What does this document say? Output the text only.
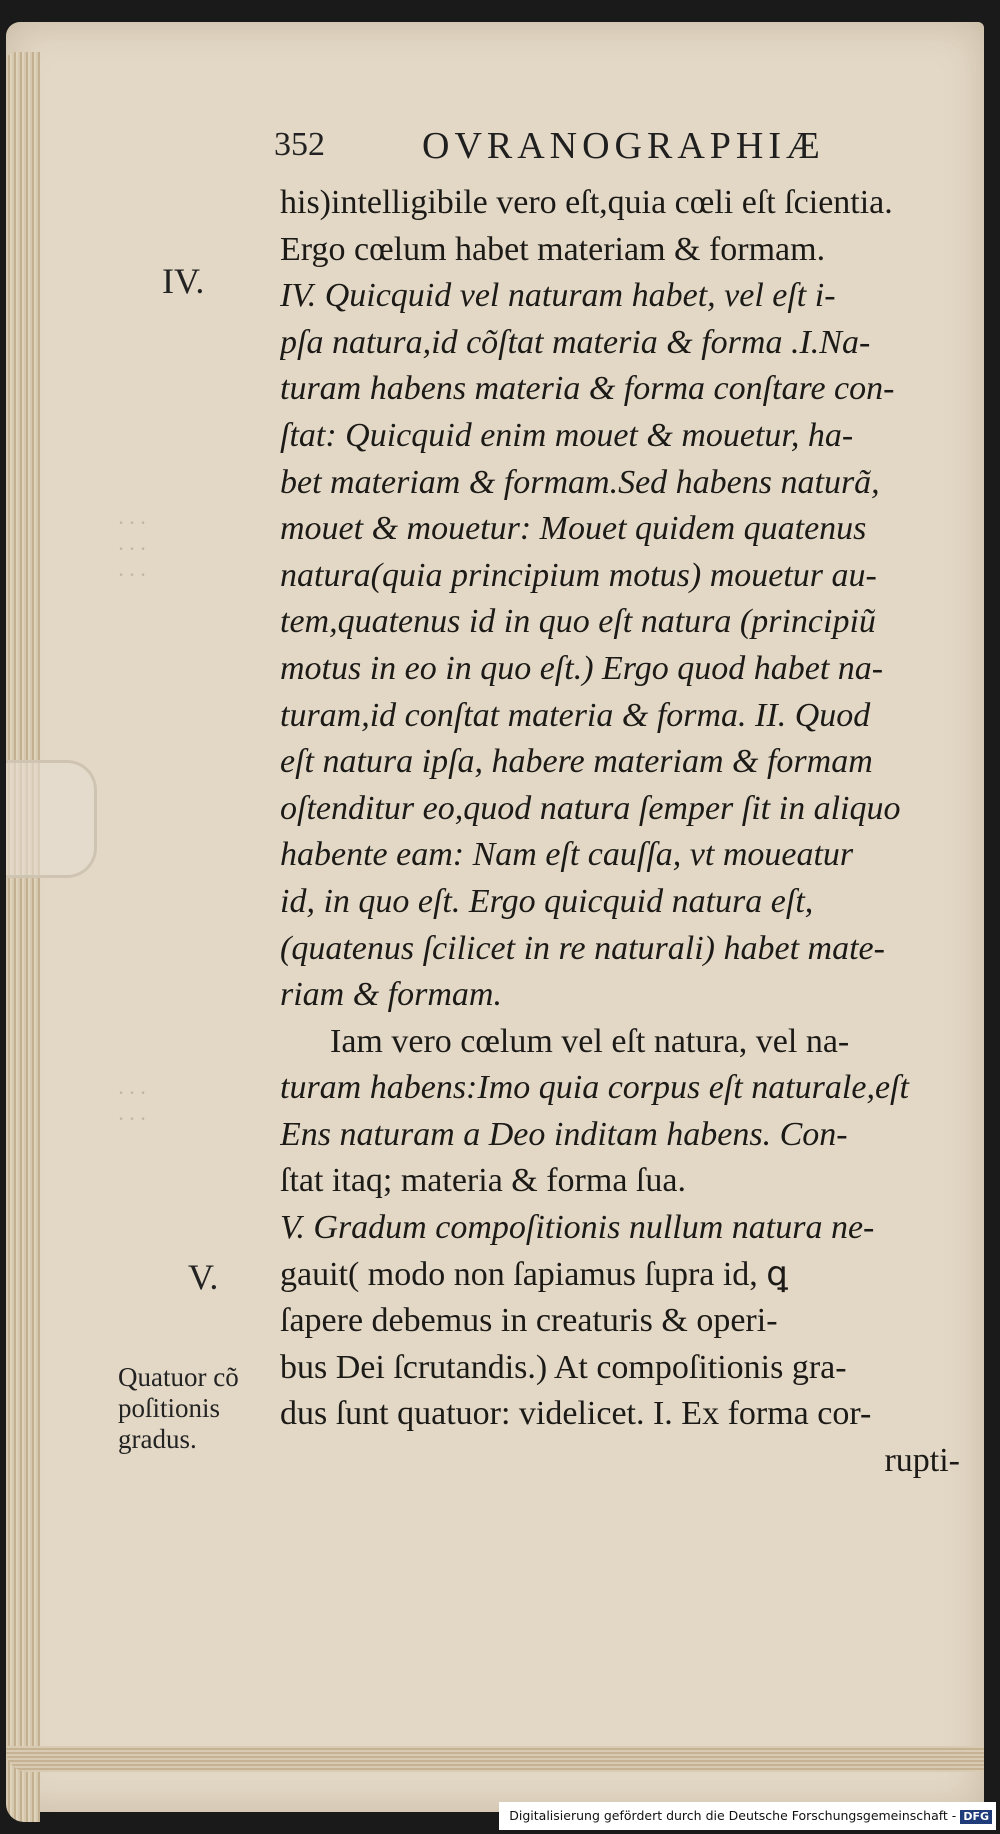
352	OVRANOGRAPHIÆ
IV.
V.
Quatuor cõ
poſitionis
gradus.
· · ·
· · ·
· · ·
· · ·
· · ·
his)intelligibile vero eſt,quia cœli eſt ſcientia.
Ergo cœlum habet materiam & formam.
IV. Quicquid vel naturam habet, vel eſt i-
pſa natura,id cõſtat materia & forma .I.Na-
turam habens materia & forma conſtare con-
ſtat: Quicquid enim mouet & mouetur, ha-
bet materiam & formam.Sed habens naturã,
mouet & mouetur: Mouet quidem quatenus
natura(quia principium motus) mouetur au-
tem,quatenus id in quo eſt natura (principiũ
motus in eo in quo eſt.) Ergo quod habet na-
turam,id conſtat materia & forma. II. Quod
eſt natura ipſa, habere materiam & formam
oſtenditur eo,quod natura ſemper ſit in aliquo
habente eam: Nam eſt cauſſa, vt moueatur
id, in quo eſt. Ergo quicquid natura eſt,
(quatenus ſcilicet in re naturali) habet mate-
riam & formam.
Iam vero cœlum vel eſt natura, vel na-
turam habens:Imo quia corpus eſt naturale,eſt
Ens naturam a Deo inditam habens. Con-
ſtat itaq; materia & forma ſua.
V. Gradum compoſitionis nullum natura ne-
gauit( modo non ſapiamus ſupra id, ꝗ
ſapere debemus in creaturis & operi-
bus Dei ſcrutandis.) At compoſitionis gra-
dus ſunt quatuor: videlicet. I. Ex forma cor-
rupti-
Digitalisierung gefördert durch die Deutsche Forschungsgemeinschaft - DFG
